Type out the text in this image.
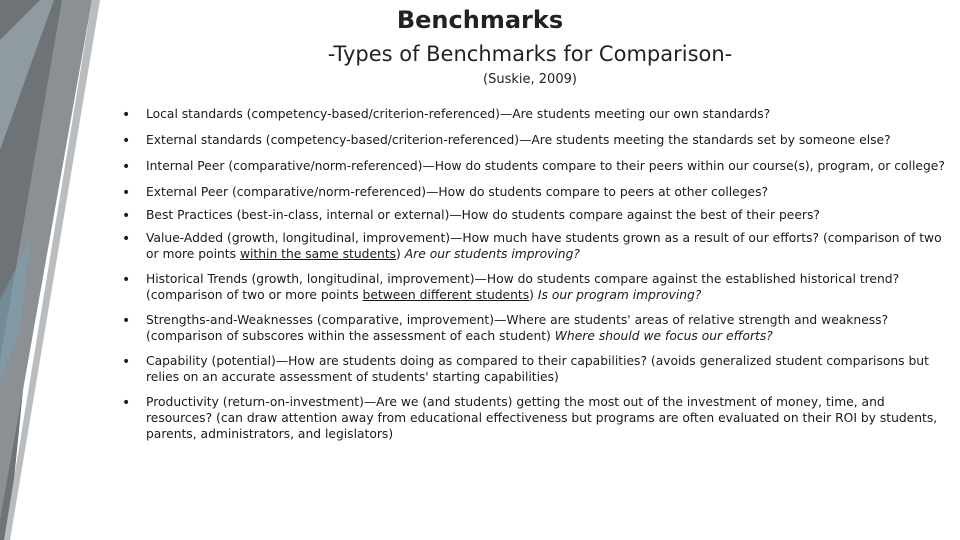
Benchmarks
-Types of Benchmarks for Comparison-
(Suskie, 2009)
• Local standards (competency-based/criterion-referenced)—Are students meeting our own standards?
• External standards (competency-based/criterion-referenced)—Are students meeting the standards set by someone else?
• Internal Peer (comparative/norm-referenced)—How do students compare to their peers within our course(s), program, or college?
• External Peer (comparative/norm-referenced)—How do students compare to peers at other colleges?
• Best Practices (best-in-class, internal or external)—How do students compare against the best of their peers?
• Value-Added (growth, longitudinal, improvement)—How much have students grown as a result of our efforts? (comparison of two or more points within the same students) Are our students improving?
• Historical Trends (growth, longitudinal, improvement)—How do students compare against the established historical trend? (comparison of two or more points between different students) Is our program improving?
• Strengths-and-Weaknesses (comparative, improvement)—Where are students' areas of relative strength and weakness? (comparison of subscores within the assessment of each student) Where should we focus our efforts?
• Capability (potential)—How are students doing as compared to their capabilities? (avoids generalized student comparisons but relies on an accurate assessment of students' starting capabilities)
• Productivity (return-on-investment)—Are we (and students) getting the most out of the investment of money, time, and resources? (can draw attention away from educational effectiveness but programs are often evaluated on their ROI by students, parents, administrators, and legislators)
